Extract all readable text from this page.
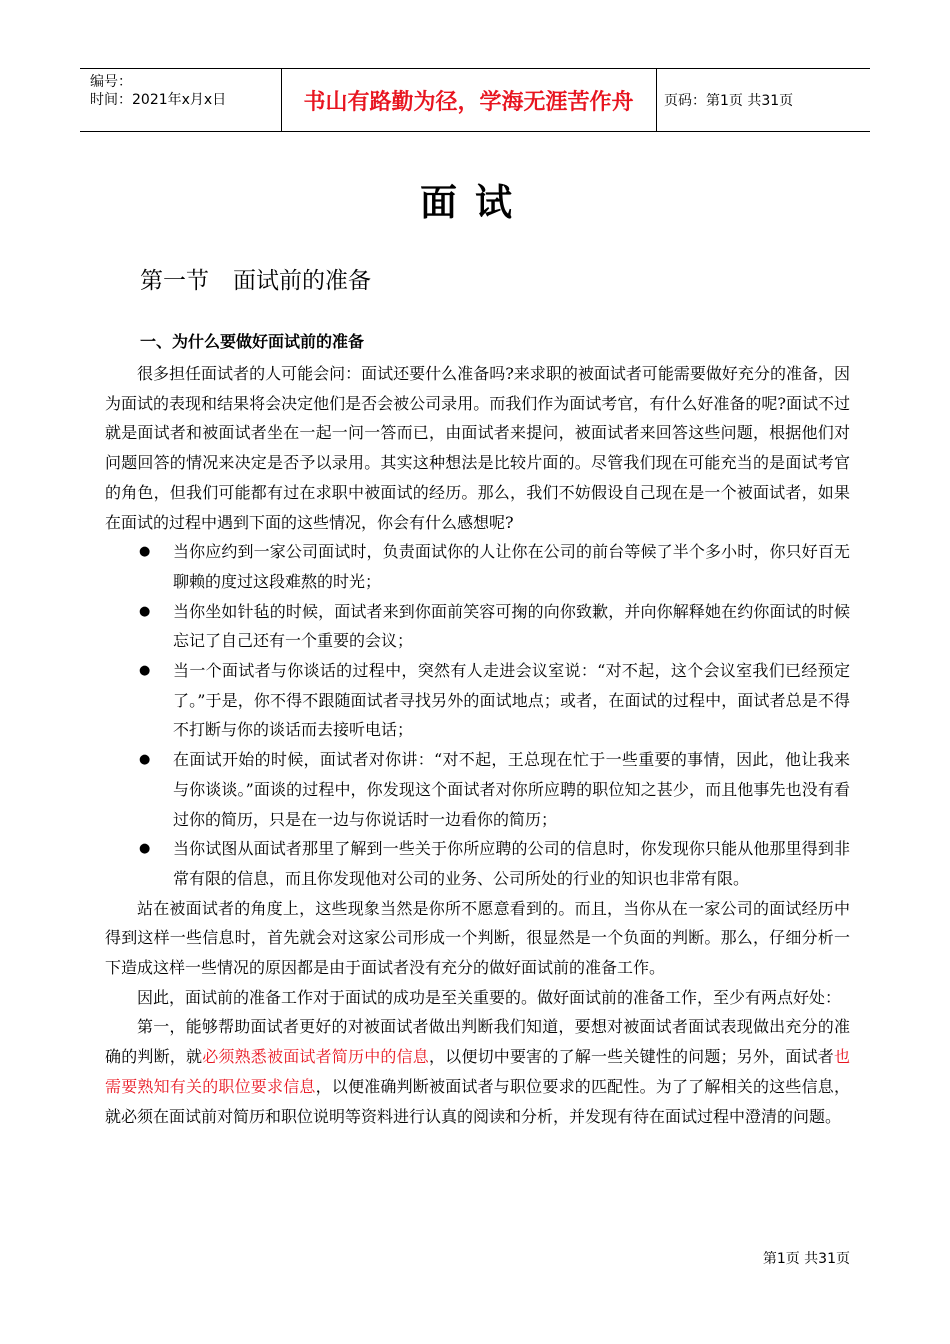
编号：
时间：2021年x月x日	书山有路勤为径，学海无涯苦作舟	页码：第1页 共31页
面试
第一节 面试前的准备
一、为什么要做好面试前的准备

很多担任面试者的人可能会问：面试还要什么准备吗?来求职的被面试者可能需要做好充分的准备，因为面试的表现和结果将会决定他们是否会被公司录用。而我们作为面试考官，有什么好准备的呢?面试不过就是面试者和被面试者坐在一起一问一答而已，由面试者来提问，被面试者来回答这些问题，根据他们对问题回答的情况来决定是否予以录用。其实这种想法是比较片面的。尽管我们现在可能充当的是面试考官的角色，但我们可能都有过在求职中被面试的经历。那么，我们不妨假设自己现在是一个被面试者，如果在面试的过程中遇到下面的这些情况，你会有什么感想呢?

● 当你应约到一家公司面试时，负责面试你的人让你在公司的前台等候了半个多小时，你只好百无聊赖的度过这段难熬的时光；
● 当你坐如针毡的时候，面试者来到你面前笑容可掬的向你致歉，并向你解释她在约你面试的时候忘记了自己还有一个重要的会议；
● 当一个面试者与你谈话的过程中，突然有人走进会议室说：“对不起，这个会议室我们已经预定了。”于是，你不得不跟随面试者寻找另外的面试地点；或者，在面试的过程中，面试者总是不得不打断与你的谈话而去接听电话；
● 在面试开始的时候，面试者对你讲：“对不起，王总现在忙于一些重要的事情，因此，他让我来与你谈谈。”面谈的过程中，你发现这个面试者对你所应聘的职位知之甚少，而且他事先也没有看过你的简历，只是在一边与你说话时一边看你的简历；
● 当你试图从面试者那里了解到一些关于你所应聘的公司的信息时，你发现你只能从他那里得到非常有限的信息，而且你发现他对公司的业务、公司所处的行业的知识也非常有限。

站在被面试者的角度上，这些现象当然是你所不愿意看到的。而且，当你从在一家公司的面试经历中得到这样一些信息时，首先就会对这家公司形成一个判断，很显然是一个负面的判断。那么，仔细分析一下造成这样一些情况的原因都是由于面试者没有充分的做好面试前的准备工作。

因此，面试前的准备工作对于面试的成功是至关重要的。做好面试前的准备工作，至少有两点好处：

第一，能够帮助面试者更好的对被面试者做出判断我们知道，要想对被面试者面试表现做出充分的准确的判断，就必须熟悉被面试者简历中的信息，以便切中要害的了解一些关键性的问题；另外，面试者也需要熟知有关的职位要求信息，以便准确判断被面试者与职位要求的匹配性。为了了解相关的这些信息，就必须在面试前对简历和职位说明等资料进行认真的阅读和分析，并发现有待在面试过程中澄清的问题。

第1页 共31页
